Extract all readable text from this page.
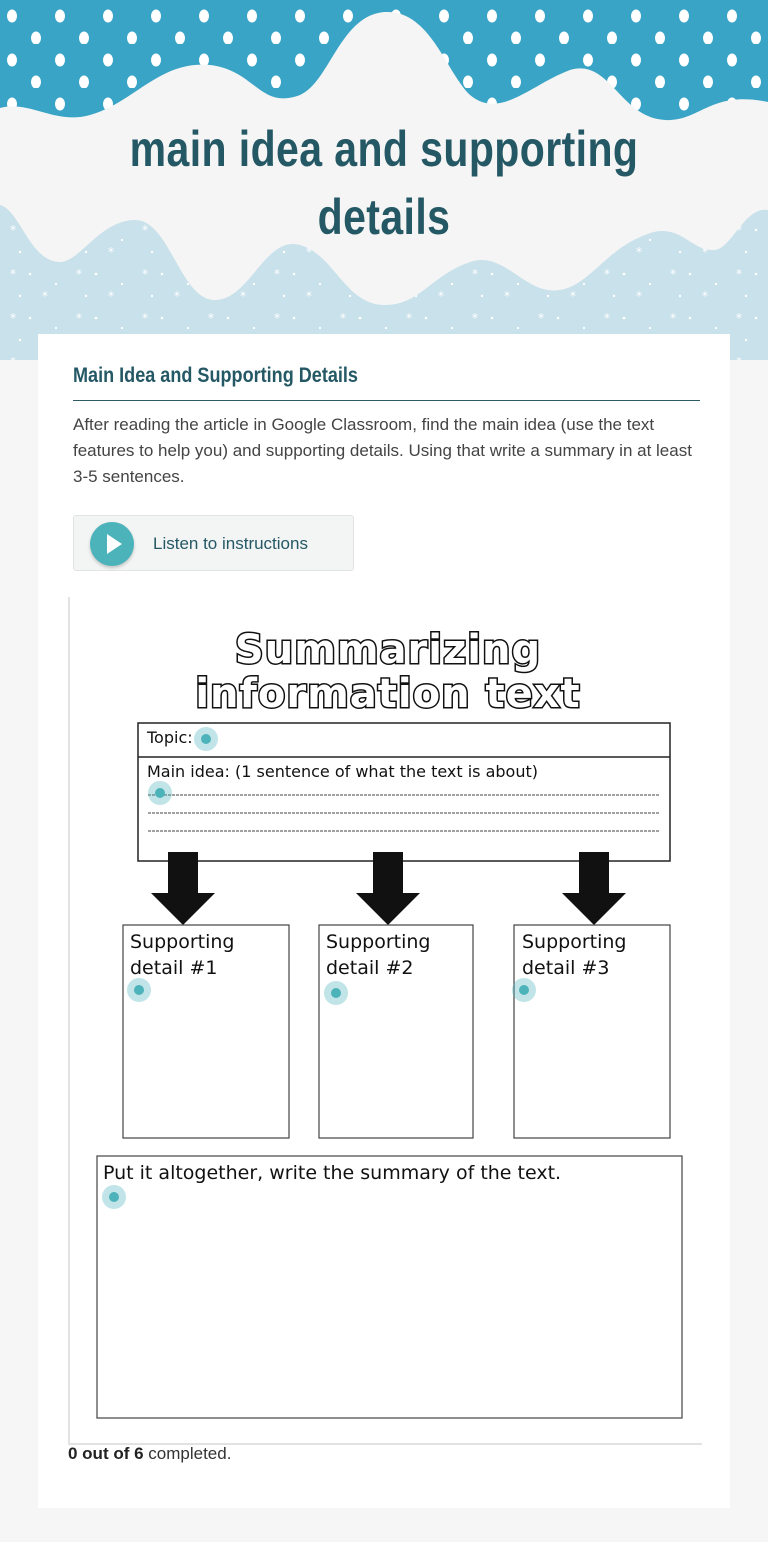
main idea and supporting details
Main Idea and Supporting Details

After reading the article in Google Classroom, find the main idea (use the text features to help you) and supporting details. Using that write a summary in at least 3-5 sentences.

Listen to instructions
Summarizing
information text
Topic:
Main idea: (1 sentence of what the text is about)
Supporting
detail #1
Supporting
detail #2
Supporting
detail #3
Put it altogether, write the summary of the text.
0 out of 6 completed.
